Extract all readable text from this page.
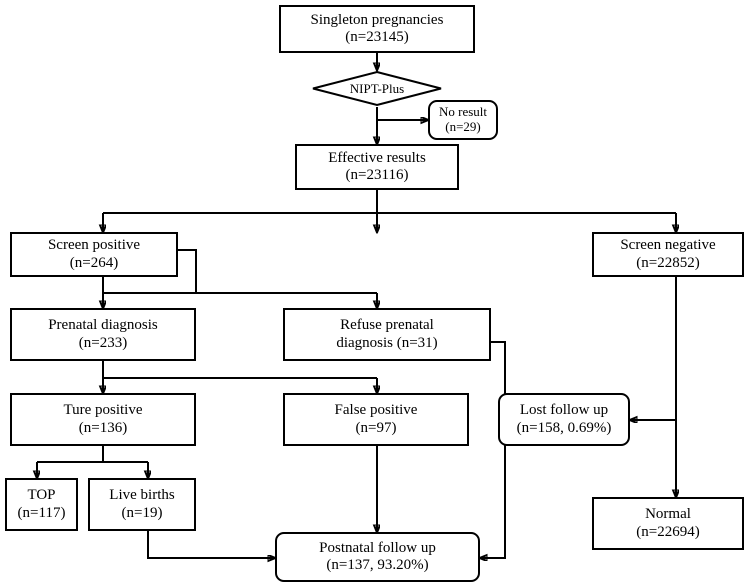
Singleton pregnancies
(n=23145)
NIPT-Plus
No result
(n=29)
Effective results
(n=23116)
Screen positive
(n=264)
Screen negative
(n=22852)
Prenatal diagnosis
(n=233)
Refuse prenatal
diagnosis (n=31)
Ture positive
(n=136)
False positive
(n=97)
Lost follow up
(n=158, 0.69%)
TOP
(n=117)
Live births
(n=19)	Normal
(n=22694)
Postnatal follow up
(n=137, 93.20%)
